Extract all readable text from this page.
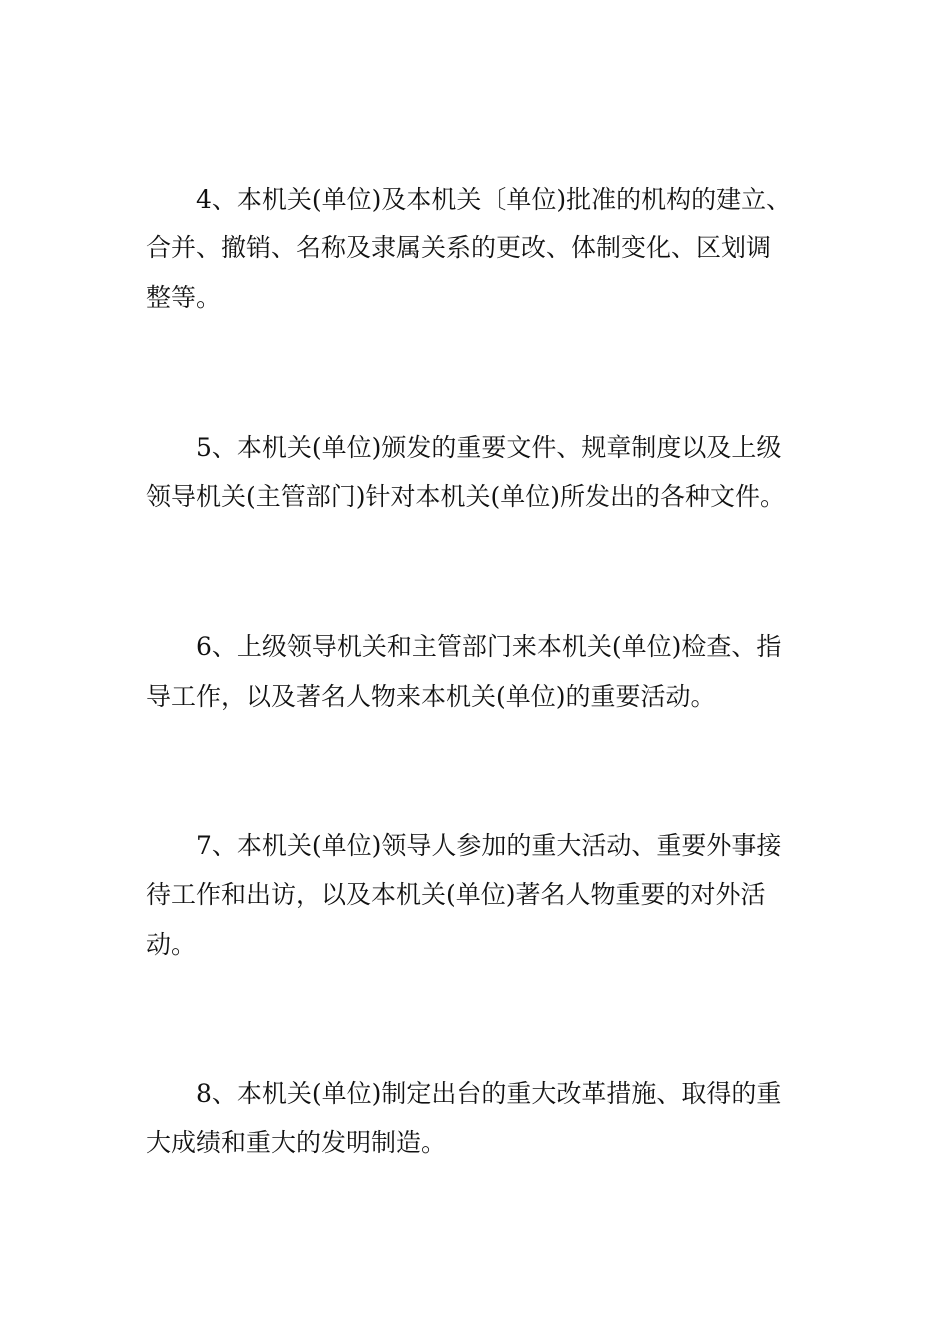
4、本机关(单位)及本机关〔单位)批准的机构的建立、

合并、撤销、名称及隶属关系的更改、体制变化、区划调

整等。

5、本机关(单位)颁发的重要文件、规章制度以及上级

领导机关(主管部门)针对本机关(单位)所发出的各种文件。

6、上级领导机关和主管部门来本机关(单位)检查、指

导工作，以及著名人物来本机关(单位)的重要活动。

7、本机关(单位)领导人参加的重大活动、重要外事接

待工作和出访，以及本机关(单位)著名人物重要的对外活

动。

8、本机关(单位)制定出台的重大改革措施、取得的重

大成绩和重大的发明制造。
